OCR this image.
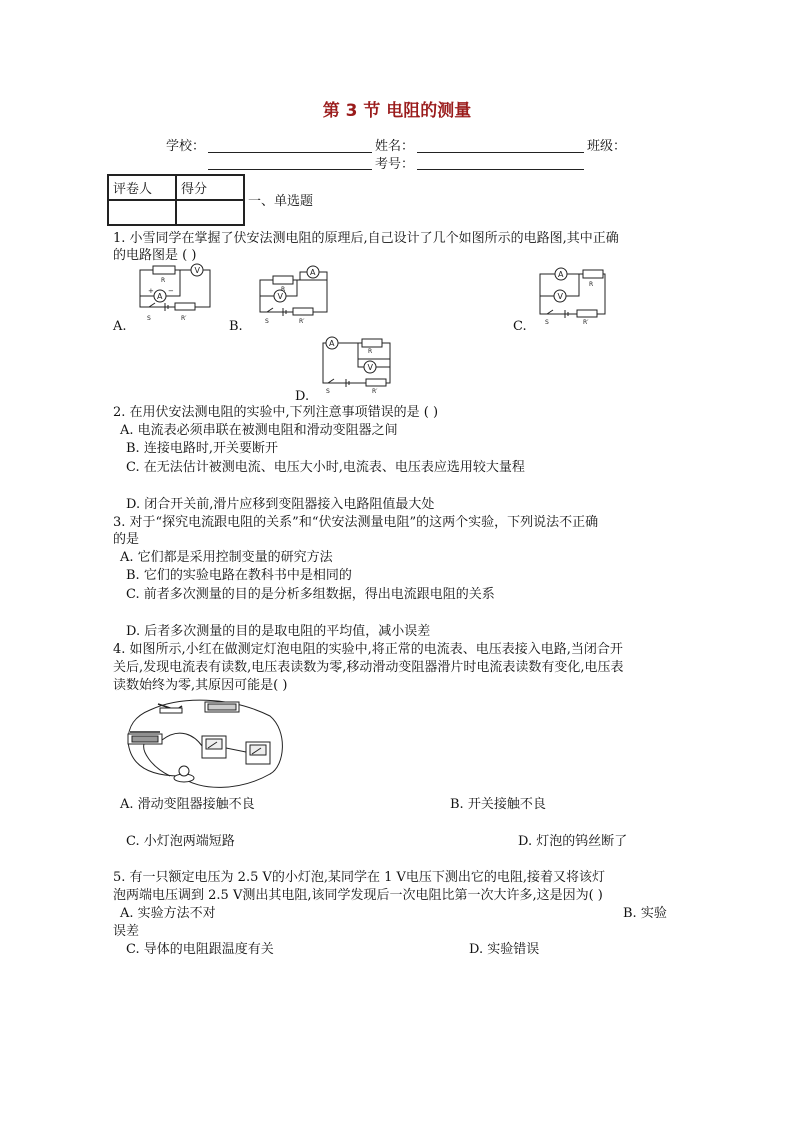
第 3 节 电阻的测量
学校：	姓名：	班级：
考号：
评卷人	得分

一、单选题
1. 小雪同学在掌握了伏安法测电阻的原理后,自己设计了几个如图所示的电路图,其中正确
的电路图是 ( )
V
A
R
S	R′
+ −
A.
A
V
R
S	R′
B.
A
V
R
S	R′
C.
A
V
R
S	R′
D.
2. 在用伏安法测电阻的实验中,下列注意事项错误的是 ( )
A. 电流表必须串联在被测电阻和滑动变阻器之间
B. 连接电路时,开关要断开
C. 在无法估计被测电流、电压大小时,电流表、电压表应选用较大量程
D. 闭合开关前,滑片应移到变阻器接入电路阻值最大处
3. 对于“探究电流跟电阻的关系”和“伏安法测量电阻”的这两个实验，下列说法不正确
的是
A. 它们都是采用控制变量的研究方法
B. 它们的实验电路在教科书中是相同的
C. 前者多次测量的目的是分析多组数据，得出电流跟电阻的关系
D. 后者多次测量的目的是取电阻的平均值，减小误差
4. 如图所示,小红在做测定灯泡电阻的实验中,将正常的电流表、电压表接入电路,当闭合开
关后,发现电流表有读数,电压表读数为零,移动滑动变阻器滑片时电流表读数有变化,电压表
读数始终为零,其原因可能是( )
A. 滑动变阻器接触不良	B. 开关接触不良
C. 小灯泡两端短路	D. 灯泡的钨丝断了
5. 有一只额定电压为 2.5 V的小灯泡,某同学在 1 V电压下测出它的电阻,接着又将该灯
泡两端电压调到 2.5 V测出其电阻,该同学发现后一次电阻比第一次大许多,这是因为( )
A. 实验方法不对	B. 实验
误差
C. 导体的电阻跟温度有关	D. 实验错误
